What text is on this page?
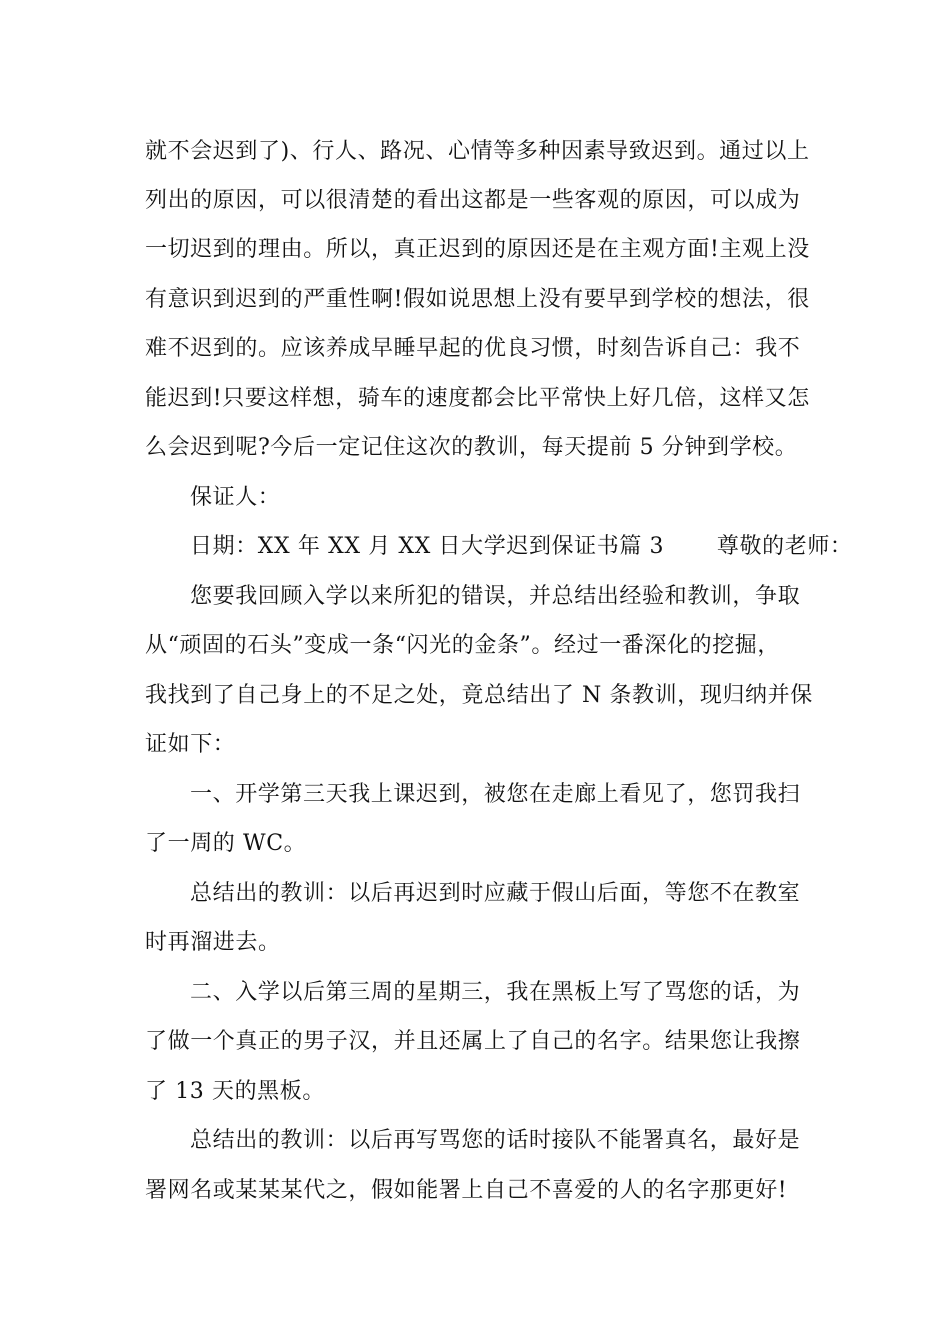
就不会迟到了)、行人、路况、心情等多种因素导致迟到。通过以上
列出的原因，可以很清楚的看出这都是一些客观的原因，可以成为
一切迟到的理由。所以，真正迟到的原因还是在主观方面!主观上没
有意识到迟到的严重性啊!假如说思想上没有要早到学校的想法，很
难不迟到的。应该养成早睡早起的优良习惯，时刻告诉自己：我不
能迟到!只要这样想，骑车的速度都会比平常快上好几倍，这样又怎
么会迟到呢?今后一定记住这次的教训，每天提前 5 分钟到学校。
保证人：
日期：XX 年 XX 月 XX 日大学迟到保证书篇 3　　 尊敬的老师：
您要我回顾入学以来所犯的错误，并总结出经验和教训，争取
从“顽固的石头”变成一条“闪光的金条”。经过一番深化的挖掘，
我找到了自己身上的不足之处，竟总结出了 N 条教训，现归纳并保
证如下：
一、开学第三天我上课迟到，被您在走廊上看见了，您罚我扫
了一周的 WC。
总结出的教训：以后再迟到时应藏于假山后面，等您不在教室
时再溜进去。
二、入学以后第三周的星期三，我在黑板上写了骂您的话，为
了做一个真正的男子汉，并且还属上了自己的名字。结果您让我擦
了 13 天的黑板。
总结出的教训：以后再写骂您的话时接队不能署真名，最好是
署网名或某某某代之，假如能署上自己不喜爱的人的名字那更好!
